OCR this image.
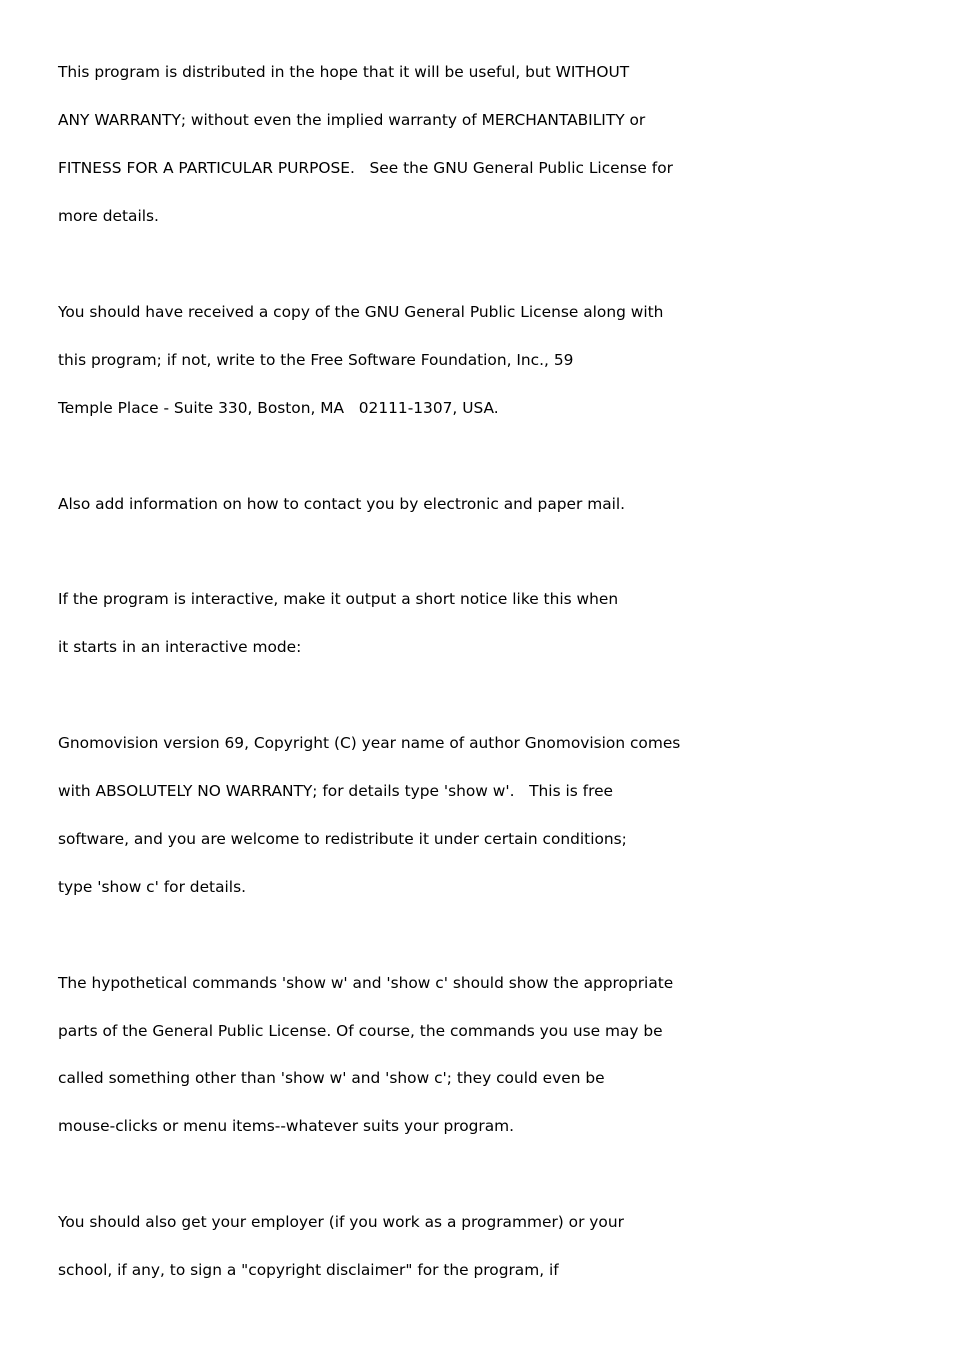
This program is distributed in the hope that it will be useful, but WITHOUT

ANY WARRANTY; without even the implied warranty of MERCHANTABILITY or

FITNESS FOR A PARTICULAR PURPOSE.   See the GNU General Public License for

more details.

You should have received a copy of the GNU General Public License along with

this program; if not, write to the Free Software Foundation, Inc., 59

Temple Place - Suite 330, Boston, MA   02111-1307, USA.

Also add information on how to contact you by electronic and paper mail.

If the program is interactive, make it output a short notice like this when

it starts in an interactive mode:

Gnomovision version 69, Copyright (C) year name of author Gnomovision comes

with ABSOLUTELY NO WARRANTY; for details type 'show w'.   This is free

software, and you are welcome to redistribute it under certain conditions;

type 'show c' for details.

The hypothetical commands 'show w' and 'show c' should show the appropriate

parts of the General Public License. Of course, the commands you use may be

called something other than 'show w' and 'show c'; they could even be

mouse-clicks or menu items--whatever suits your program.

You should also get your employer (if you work as a programmer) or your

school, if any, to sign a "copyright disclaimer" for the program, if
